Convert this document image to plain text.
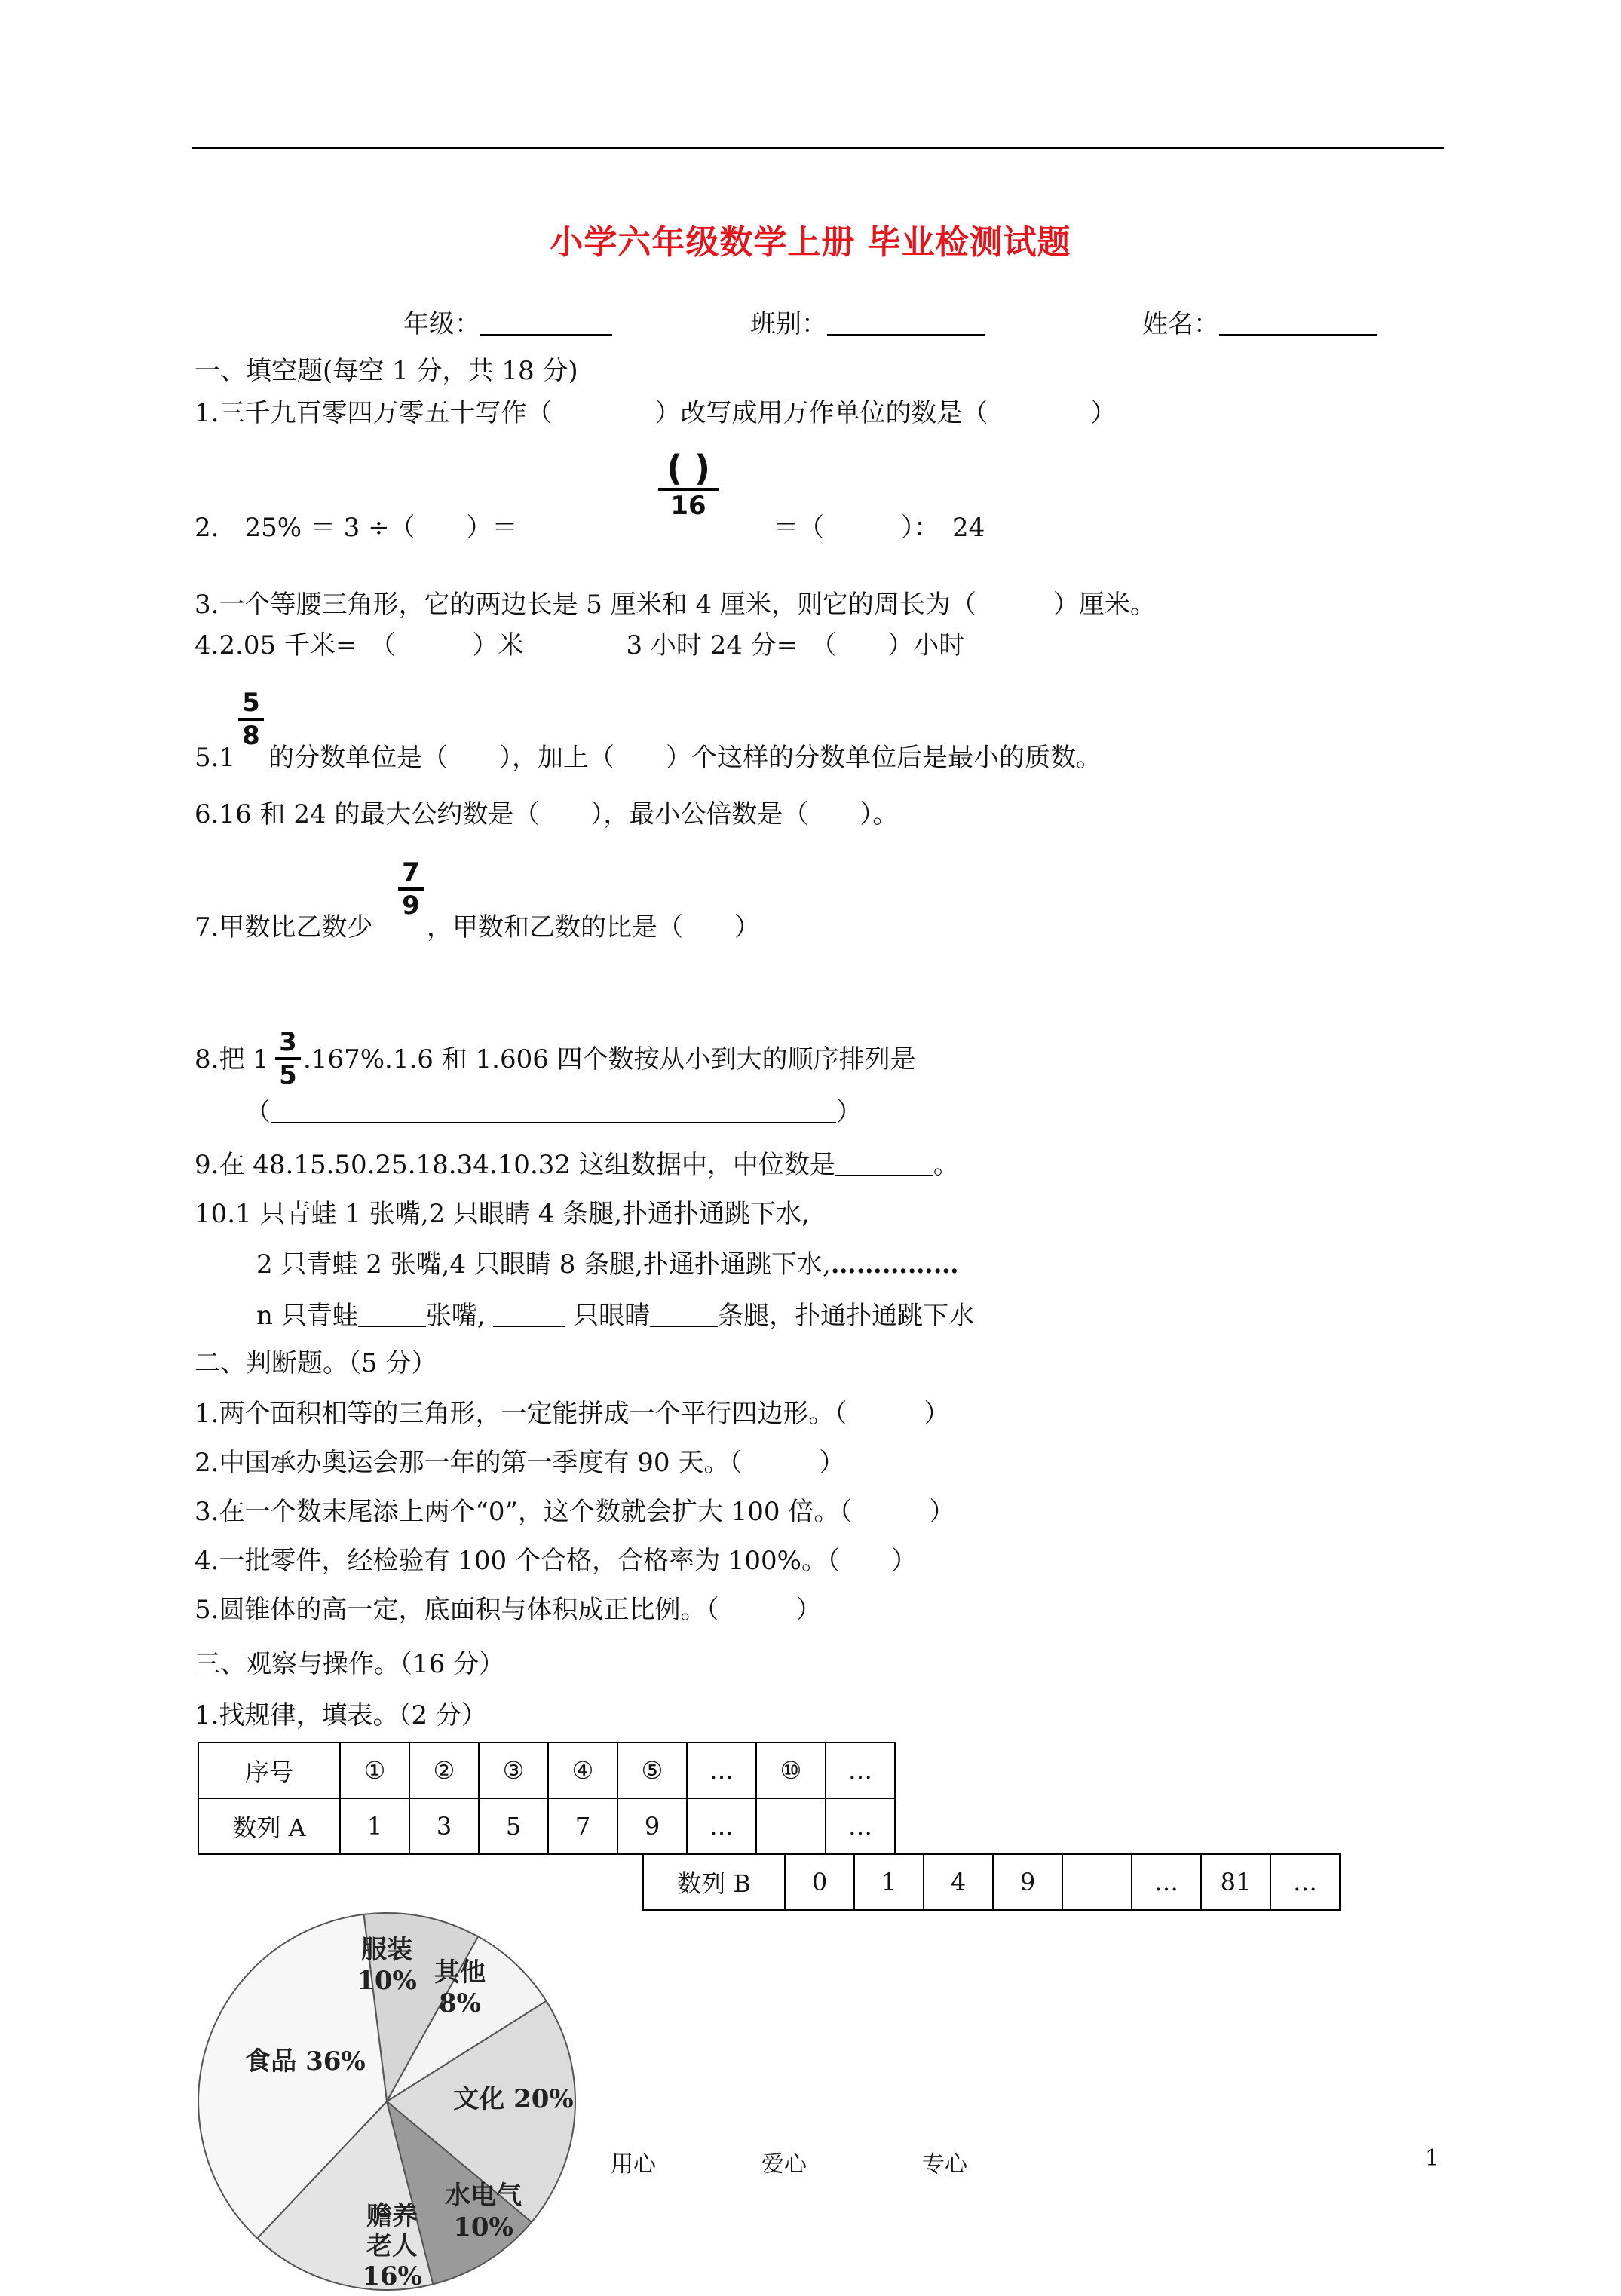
小学六年级数学上册 毕业检测试题
年级：	班别：	姓名：
一、填空题(每空 1 分，共 18 分)
1.三千九百零四万零五十写作（　　　　）改写成用万作单位的数是（　　　　）
2.　25% ＝ 3 ÷（　　）＝
( )
16
＝（　　　）：　24
3.一个等腰三角形，它的两边长是 5 厘米和 4 厘米，则它的周长为（　　　）厘米。
4.2.05 千米=　（　　　）米　　　　3 小时 24 分=　（　　）小时
5.1
5
8
的分数单位是（　　），加上（　　）个这样的分数单位后是最小的质数。
6.16 和 24 的最大公约数是（　　），最小公倍数是（　　）。
7.甲数比乙数少
7
9
，甲数和乙数的比是（　　）
8.把 1
3
5
.167%.1.6 和 1.606 四个数按从小到大的顺序排列是
（	）
9.在 48.15.50.25.18.34.10.32 这组数据中，中位数是	。
10.1 只青蛙 1 张嘴,2 只眼睛 4 条腿,扑通扑通跳下水,
2 只青蛙 2 张嘴,4 只眼睛 8 条腿,扑通扑通跳下水,……………
n 只青蛙	张嘴,	只眼睛	条腿，扑通扑通跳下水
二、判断题。（5 分）
1.两个面积相等的三角形，一定能拼成一个平行四边形。（　　　）
2.中国承办奥运会那一年的第一季度有 90 天。（　　　）
3.在一个数末尾添上两个“0”，这个数就会扩大 100 倍。（　　　）
4.一批零件，经检验有 100 个合格，合格率为 100%。（　　）
5.圆锥体的高一定，底面积与体积成正比例。（　　　）
三、观察与操作。（16 分）
1.找规律，填表。（2 分）
序号	①	②	③	④	⑤	…	⑩	…
数列 A	1	3	5	7	9	…		…
数列 B	0	1	4	9		…	81	…
服装
10% 其他
8%
文化 20%
水电气
10%
赡养
老人
16%
食品 36%
用心	爱心	专心	1
